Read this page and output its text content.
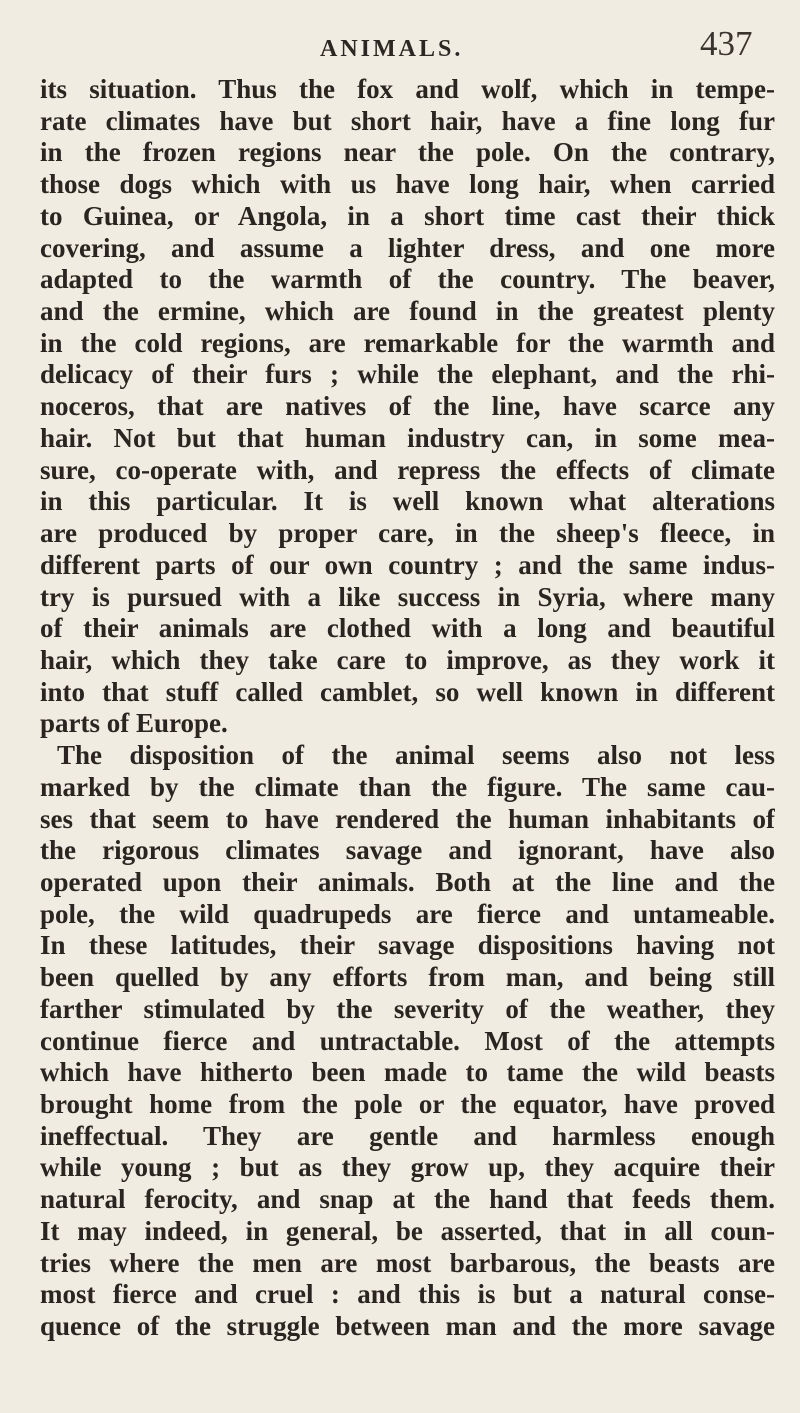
ANIMALS.	437
its situation. Thus the fox and wolf, which in tempe-
rate climates have but short hair, have a fine long fur
in the frozen regions near the pole. On the contrary,
those dogs which with us have long hair, when carried
to Guinea, or Angola, in a short time cast their thick
covering, and assume a lighter dress, and one more
adapted to the warmth of the country. The beaver,
and the ermine, which are found in the greatest plenty
in the cold regions, are remarkable for the warmth and
delicacy of their furs ; while the elephant, and the rhi-
noceros, that are natives of the line, have scarce any
hair. Not but that human industry can, in some mea-
sure, co-operate with, and repress the effects of climate
in this particular. It is well known what alterations
are produced by proper care, in the sheep's fleece, in
different parts of our own country ; and the same indus-
try is pursued with a like success in Syria, where many
of their animals are clothed with a long and beautiful
hair, which they take care to improve, as they work it
into that stuff called camblet, so well known in different
parts of Europe.
The disposition of the animal seems also not less
marked by the climate than the figure. The same cau-
ses that seem to have rendered the human inhabitants of
the rigorous climates savage and ignorant, have also
operated upon their animals. Both at the line and the
pole, the wild quadrupeds are fierce and untameable.
In these latitudes, their savage dispositions having not
been quelled by any efforts from man, and being still
farther stimulated by the severity of the weather, they
continue fierce and untractable. Most of the attempts
which have hitherto been made to tame the wild beasts
brought home from the pole or the equator, have proved
ineffectual. They are gentle and harmless enough
while young ; but as they grow up, they acquire their
natural ferocity, and snap at the hand that feeds them.
It may indeed, in general, be asserted, that in all coun-
tries where the men are most barbarous, the beasts are
most fierce and cruel : and this is but a natural conse-
quence of the struggle between man and the more savage
